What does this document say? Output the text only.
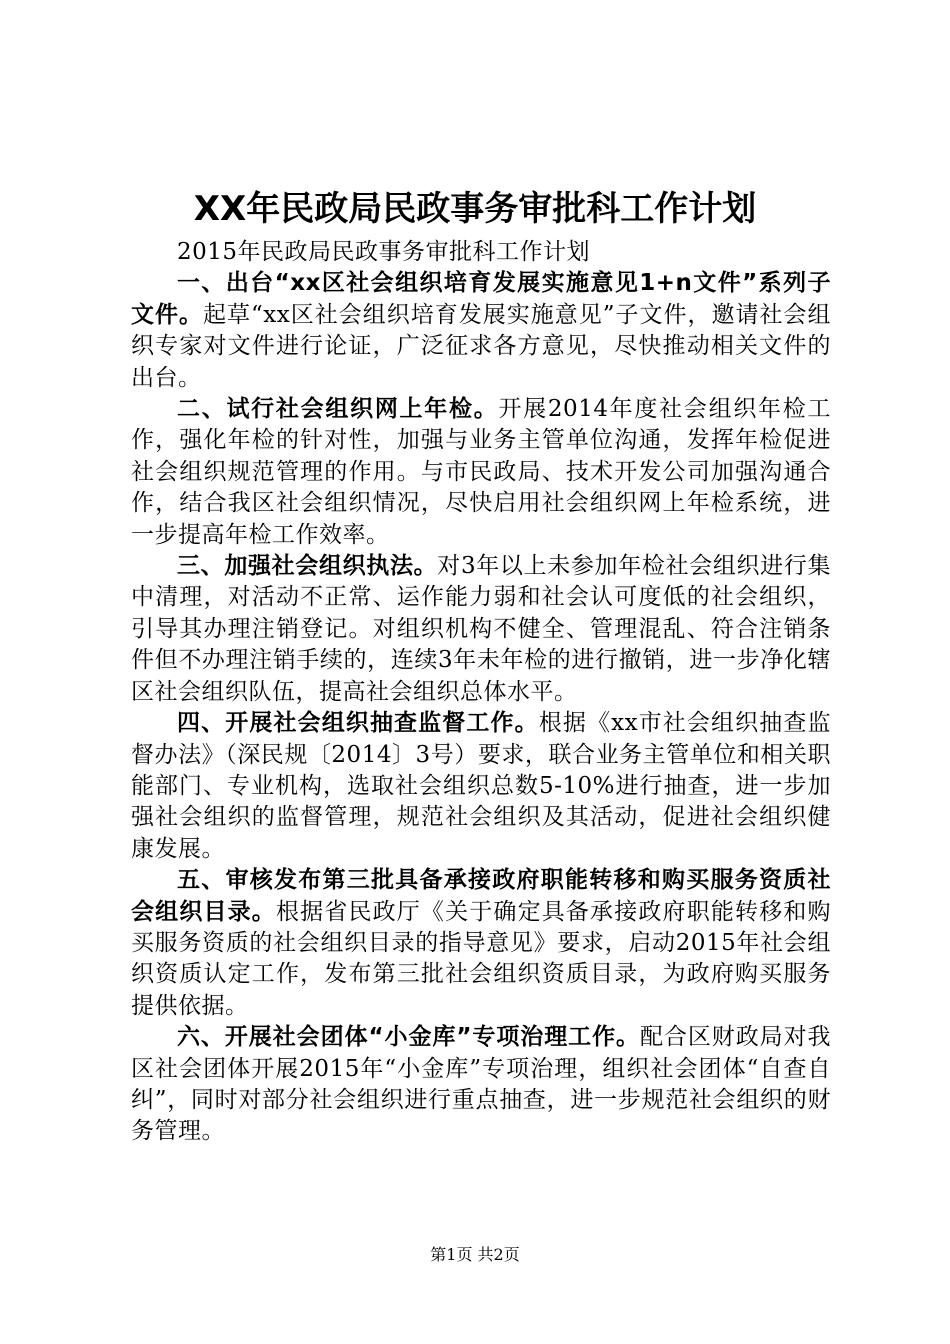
XX年民政局民政事务审批科工作计划

2015年民政局民政事务审批科工作计划

一、出台“xx区社会组织培育发展实施意见1+n文件”系列子文件。起草“xx区社会组织培育发展实施意见”子文件，邀请社会组织专家对文件进行论证，广泛征求各方意见，尽快推动相关文件的出台。

二、试行社会组织网上年检。开展2014年度社会组织年检工作，强化年检的针对性，加强与业务主管单位沟通，发挥年检促进社会组织规范管理的作用。与市民政局、技术开发公司加强沟通合作，结合我区社会组织情况，尽快启用社会组织网上年检系统，进一步提高年检工作效率。

三、加强社会组织执法。对3年以上未参加年检社会组织进行集中清理，对活动不正常、运作能力弱和社会认可度低的社会组织，引导其办理注销登记。对组织机构不健全、管理混乱、符合注销条件但不办理注销手续的，连续3年未年检的进行撤销，进一步净化辖区社会组织队伍，提高社会组织总体水平。

四、开展社会组织抽查监督工作。根据《xx市社会组织抽查监督办法》（深民规〔2014〕3号）要求，联合业务主管单位和相关职能部门、专业机构，选取社会组织总数5-10%进行抽查，进一步加强社会组织的监督管理，规范社会组织及其活动，促进社会组织健康发展。

五、审核发布第三批具备承接政府职能转移和购买服务资质社会组织目录。根据省民政厅《关于确定具备承接政府职能转移和购买服务资质的社会组织目录的指导意见》要求，启动2015年社会组织资质认定工作，发布第三批社会组织资质目录，为政府购买服务提供依据。

六、开展社会团体“小金库”专项治理工作。配合区财政局对我区社会团体开展2015年“小金库”专项治理，组织社会团体“自查自纠”，同时对部分社会组织进行重点抽查，进一步规范社会组织的财务管理。

第1页 共2页
